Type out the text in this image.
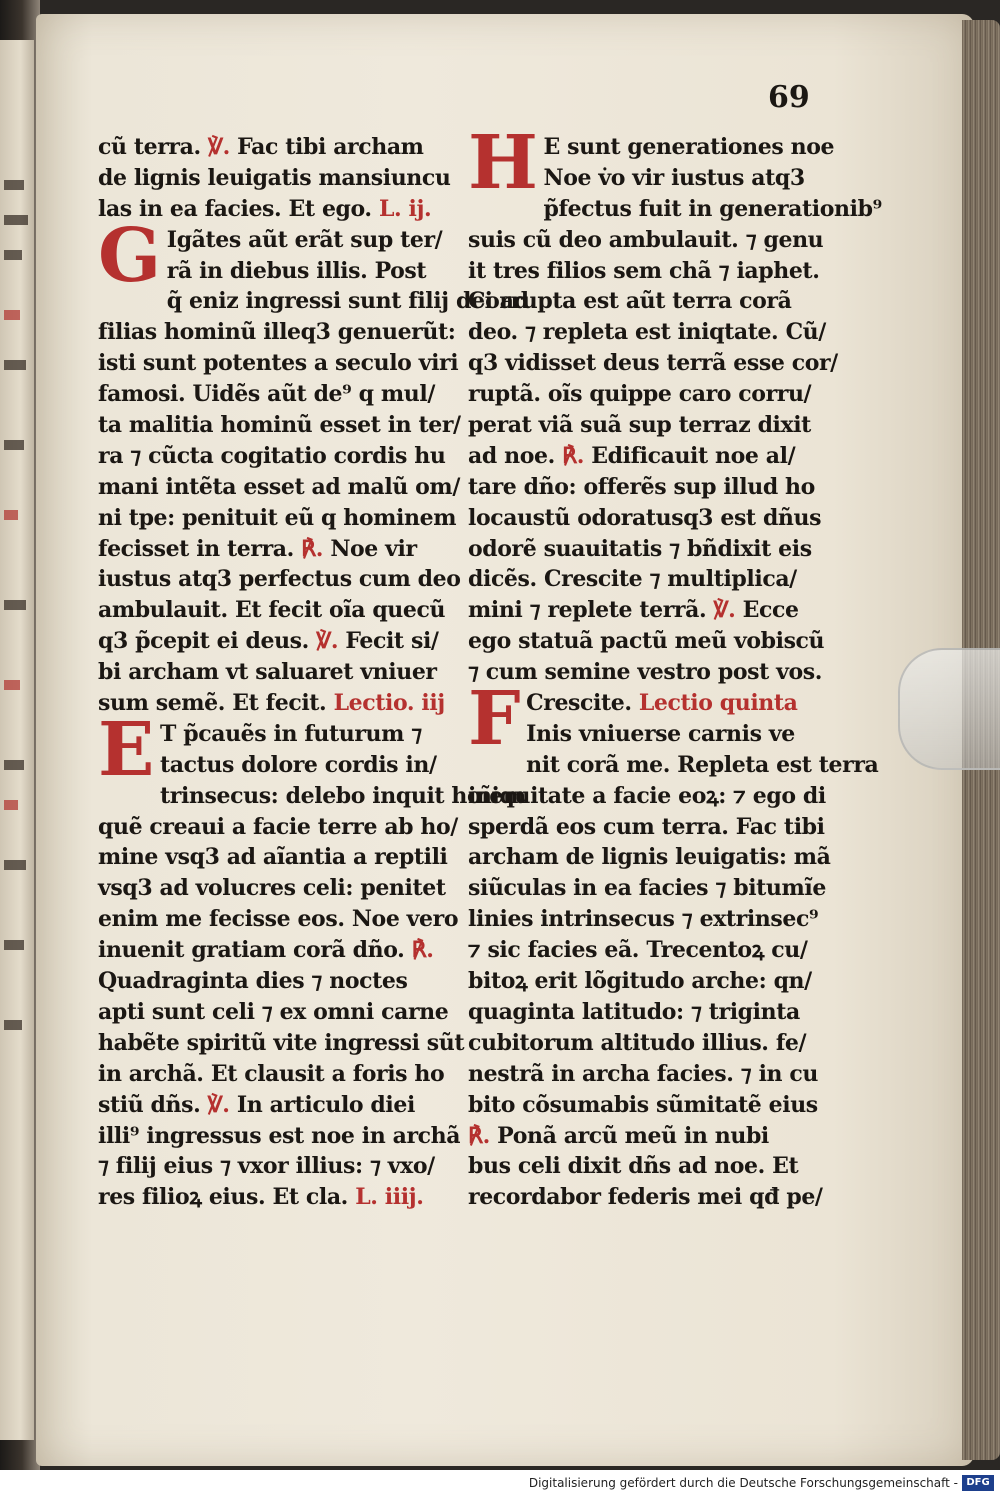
69
cũ terra. ℣. Fac tibi archam
de lignis leuigatis mansiuncu
las in ea facies. Et ego. L. ij.
G Igãtes aũt erãt sup ter/
rã in diebus illis. Post
q̃ eniz ingressi sunt filij dei ad
filias hominũ illeq3 genuerũt:
isti sunt potentes a seculo viri
famosi. Uidẽs aũt de⁹ q mul/
ta malitia hominũ esset in ter/
ra ⁊ cũcta cogitatio cordis hu
mani intẽta esset ad malũ om/
ni tpe: penituit eũ q hominem
fecisset in terra. ℟. Noe vir
iustus atq3 perfectus cum deo
ambulauit. Et fecit oĩa quecũ
q3 p̃cepit ei deus. ℣. Fecit si/
bi archam vt saluaret vniuer
sum semẽ. Et fecit. Lectio. iij
E T p̃cauẽs in futurum ⁊
tactus dolore cordis in/
trinsecus: delebo inquit hoĩem
quẽ creaui a facie terre ab ho/
mine vsq3 ad aĩantia a reptili
vsq3 ad volucres celi: penitet
enim me fecisse eos. Noe vero
inuenit gratiam corã dño. ℟.
Quadraginta dies ⁊ noctes
apti sunt celi ⁊ ex omni carne
habẽte spiritũ vite ingressi sũt
in archã. Et clausit a foris ho
stiũ dñs. ℣. In articulo diei
illi⁹ ingressus est noe in archã
⁊ filij eius ⁊ vxor illius: ⁊ vxo/
res filioꝝ eius. Et cla. L. iiij.
H E sunt generationes noe
Noe v̇o vir iustus atq3
p̃fectus fuit in generationib⁹
suis cũ deo ambulauit. ⁊ genu
it tres filios sem chã ⁊ iaphet.
Corrupta est aũt terra corã
deo. ⁊ repleta est iniqtate. Cũ/
q3 vidisset deus terrã esse cor/
ruptã. oĩs quippe caro corru/
perat viã suã sup terraz dixit
ad noe. ℟. Edificauit noe al/
tare dño: offerẽs sup illud ho
locaustũ odoratusq3 est dñus
odorẽ suauitatis ⁊ bñdixit eis
dicẽs. Crescite ⁊ multiplica/
mini ⁊ replete terrã. ℣. Ecce
ego statuã pactũ meũ vobiscũ
⁊ cum semine vestro post vos.
F Crescite. Lectio quinta
Inis vniuerse carnis ve
nit corã me. Repleta est terra
iniquitate a facie eoꝝ: ⁊ ego di
sperdã eos cum terra. Fac tibi
archam de lignis leuigatis: mã
siũculas in ea facies ⁊ bitumĩe
linies intrinsecus ⁊ extrinsec⁹
⁊ sic facies eã. Trecentoꝝ cu/
bitoꝝ erit lõgitudo arche: qn/
quaginta latitudo: ⁊ triginta
cubitorum altitudo illius. fe/
nestrã in archa facies. ⁊ in cu
bito cõsumabis sũmitatẽ eius
℟. Ponã arcũ meũ in nubi
bus celi dixit dñs ad noe. Et
recordabor federis mei qđ pe/
Digitalisierung gefördert durch die Deutsche Forschungsgemeinschaft - DFG
